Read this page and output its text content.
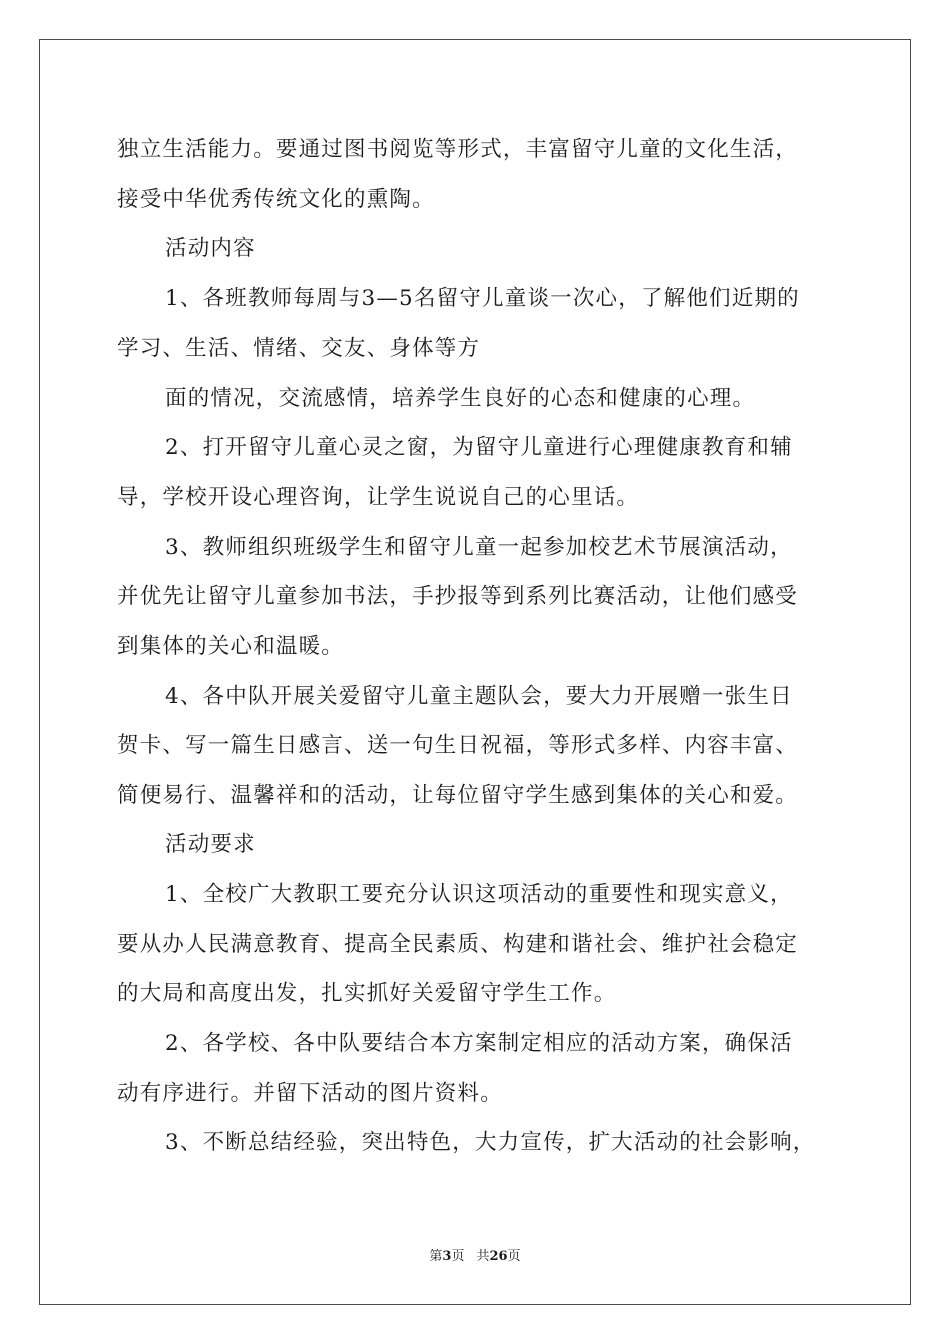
独立生活能力。要通过图书阅览等形式，丰富留守儿童的文化生活，

接受中华优秀传统文化的熏陶。

活动内容

1、各班教师每周与3—5名留守儿童谈一次心，了解他们近期的

学习、生活、情绪、交友、身体等方

面的情况，交流感情，培养学生良好的心态和健康的心理。

2、打开留守儿童心灵之窗，为留守儿童进行心理健康教育和辅

导，学校开设心理咨询，让学生说说自己的心里话。

3、教师组织班级学生和留守儿童一起参加校艺术节展演活动，

并优先让留守儿童参加书法，手抄报等到系列比赛活动，让他们感受

到集体的关心和温暖。

4、各中队开展关爱留守儿童主题队会，要大力开展赠一张生日

贺卡、写一篇生日感言、送一句生日祝福，等形式多样、内容丰富、

简便易行、温馨祥和的活动，让每位留守学生感到集体的关心和爱。

活动要求

1、全校广大教职工要充分认识这项活动的重要性和现实意义，

要从办人民满意教育、提高全民素质、构建和谐社会、维护社会稳定

的大局和高度出发，扎实抓好关爱留守学生工作。

2、各学校、各中队要结合本方案制定相应的活动方案，确保活

动有序进行。并留下活动的图片资料。

3、不断总结经验，突出特色，大力宣传，扩大活动的社会影响，

第3页 共26页
